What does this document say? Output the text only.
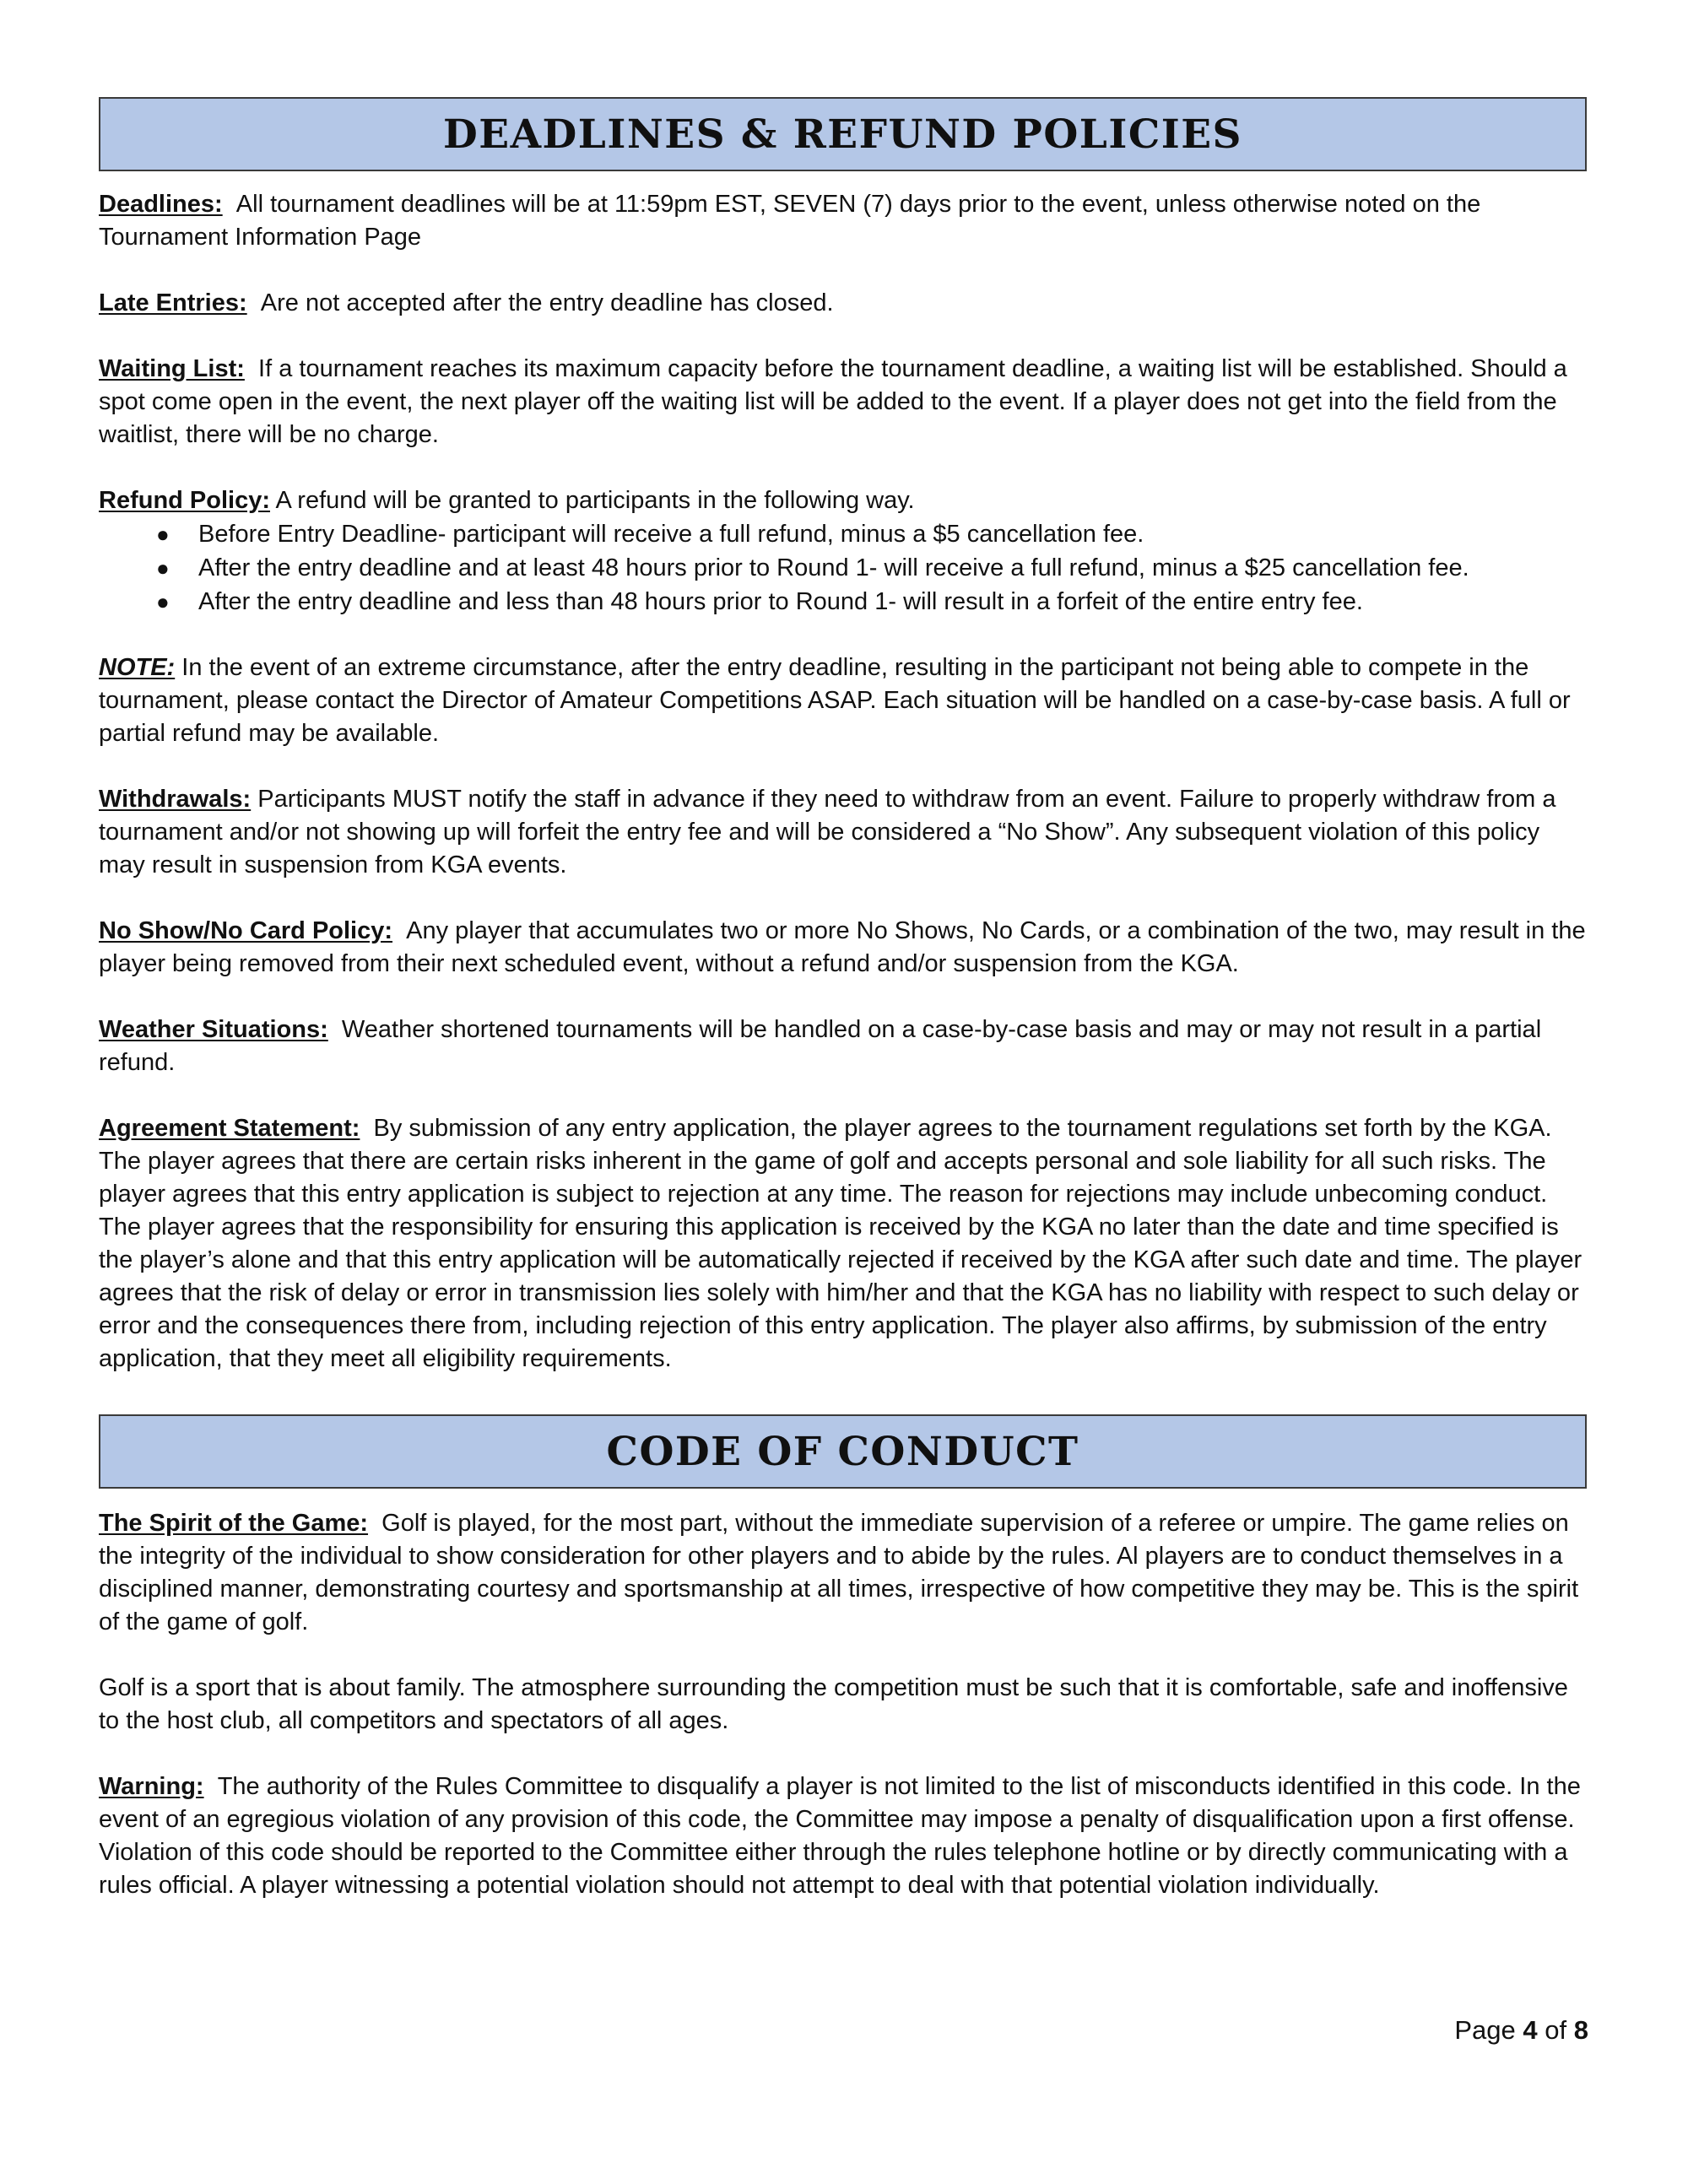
DEADLINES & REFUND POLICIES

Deadlines: All tournament deadlines will be at 11:59pm EST, SEVEN (7) days prior to the event, unless otherwise noted on the Tournament Information Page

Late Entries: Are not accepted after the entry deadline has closed.

Waiting List: If a tournament reaches its maximum capacity before the tournament deadline, a waiting list will be established. Should a spot come open in the event, the next player off the waiting list will be added to the event. If a player does not get into the field from the waitlist, there will be no charge.

Refund Policy: A refund will be granted to participants in the following way.

● Before Entry Deadline- participant will receive a full refund, minus a $5 cancellation fee.
● After the entry deadline and at least 48 hours prior to Round 1- will receive a full refund, minus a $25 cancellation fee.
● After the entry deadline and less than 48 hours prior to Round 1- will result in a forfeit of the entire entry fee.

NOTE: In the event of an extreme circumstance, after the entry deadline, resulting in the participant not being able to compete in the tournament, please contact the Director of Amateur Competitions ASAP. Each situation will be handled on a case-by-case basis. A full or partial refund may be available.

Withdrawals: Participants MUST notify the staff in advance if they need to withdraw from an event. Failure to properly withdraw from a tournament and/or not showing up will forfeit the entry fee and will be considered a “No Show”. Any subsequent violation of this policy may result in suspension from KGA events.

No Show/No Card Policy: Any player that accumulates two or more No Shows, No Cards, or a combination of the two, may result in the player being removed from their next scheduled event, without a refund and/or suspension from the KGA.

Weather Situations: Weather shortened tournaments will be handled on a case-by-case basis and may or may not result in a partial refund.

Agreement Statement: By submission of any entry application, the player agrees to the tournament regulations set forth by the KGA. The player agrees that there are certain risks inherent in the game of golf and accepts personal and sole liability for all such risks. The player agrees that this entry application is subject to rejection at any time. The reason for rejections may include unbecoming conduct. The player agrees that the responsibility for ensuring this application is received by the KGA no later than the date and time specified is the player’s alone and that this entry application will be automatically rejected if received by the KGA after such date and time. The player agrees that the risk of delay or error in transmission lies solely with him/her and that the KGA has no liability with respect to such delay or error and the consequences there from, including rejection of this entry application. The player also affirms, by submission of the entry application, that they meet all eligibility requirements.

CODE OF CONDUCT

The Spirit of the Game: Golf is played, for the most part, without the immediate supervision of a referee or umpire. The game relies on the integrity of the individual to show consideration for other players and to abide by the rules. Al players are to conduct themselves in a disciplined manner, demonstrating courtesy and sportsmanship at all times, irrespective of how competitive they may be. This is the spirit of the game of golf.

Golf is a sport that is about family. The atmosphere surrounding the competition must be such that it is comfortable, safe and inoffensive to the host club, all competitors and spectators of all ages.

Warning: The authority of the Rules Committee to disqualify a player is not limited to the list of misconducts identified in this code. In the event of an egregious violation of any provision of this code, the Committee may impose a penalty of disqualification upon a first offense. Violation of this code should be reported to the Committee either through the rules telephone hotline or by directly communicating with a rules official. A player witnessing a potential violation should not attempt to deal with that potential violation individually.

Page 4 of 8
